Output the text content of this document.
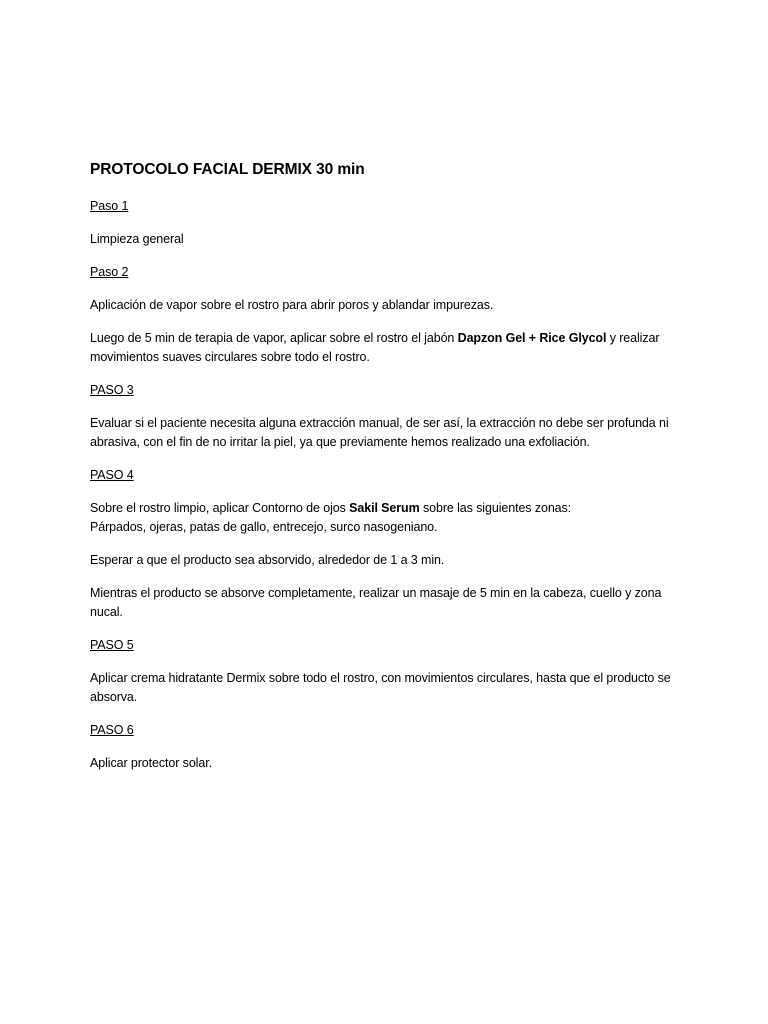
PROTOCOLO FACIAL DERMIX 30 min
Paso 1
Limpieza general
Paso 2
Aplicación de vapor sobre el rostro para abrir poros y ablandar impurezas.
Luego de 5 min de terapia de vapor, aplicar sobre el rostro el jabón Dapzon Gel + Rice Glycol y realizar movimientos suaves circulares sobre todo el rostro.
PASO 3
Evaluar si el paciente necesita alguna extracción manual, de ser así, la extracción no debe ser profunda ni abrasiva, con el fin de no irritar la piel, ya que previamente hemos realizado una exfoliación.
PASO 4
Sobre el rostro limpio, aplicar Contorno de ojos Sakil Serum sobre las siguientes zonas:
Párpados, ojeras, patas de gallo, entrecejo, surco nasogeniano.
Esperar a que el producto sea absorvido, alrededor de 1 a 3 min.
Mientras el producto se absorve completamente, realizar un masaje de 5 min en la cabeza, cuello y zona nucal.
PASO 5
Aplicar crema hidratante Dermix sobre todo el rostro, con movimientos circulares, hasta que el producto se absorva.
PASO 6
Aplicar protector solar.
